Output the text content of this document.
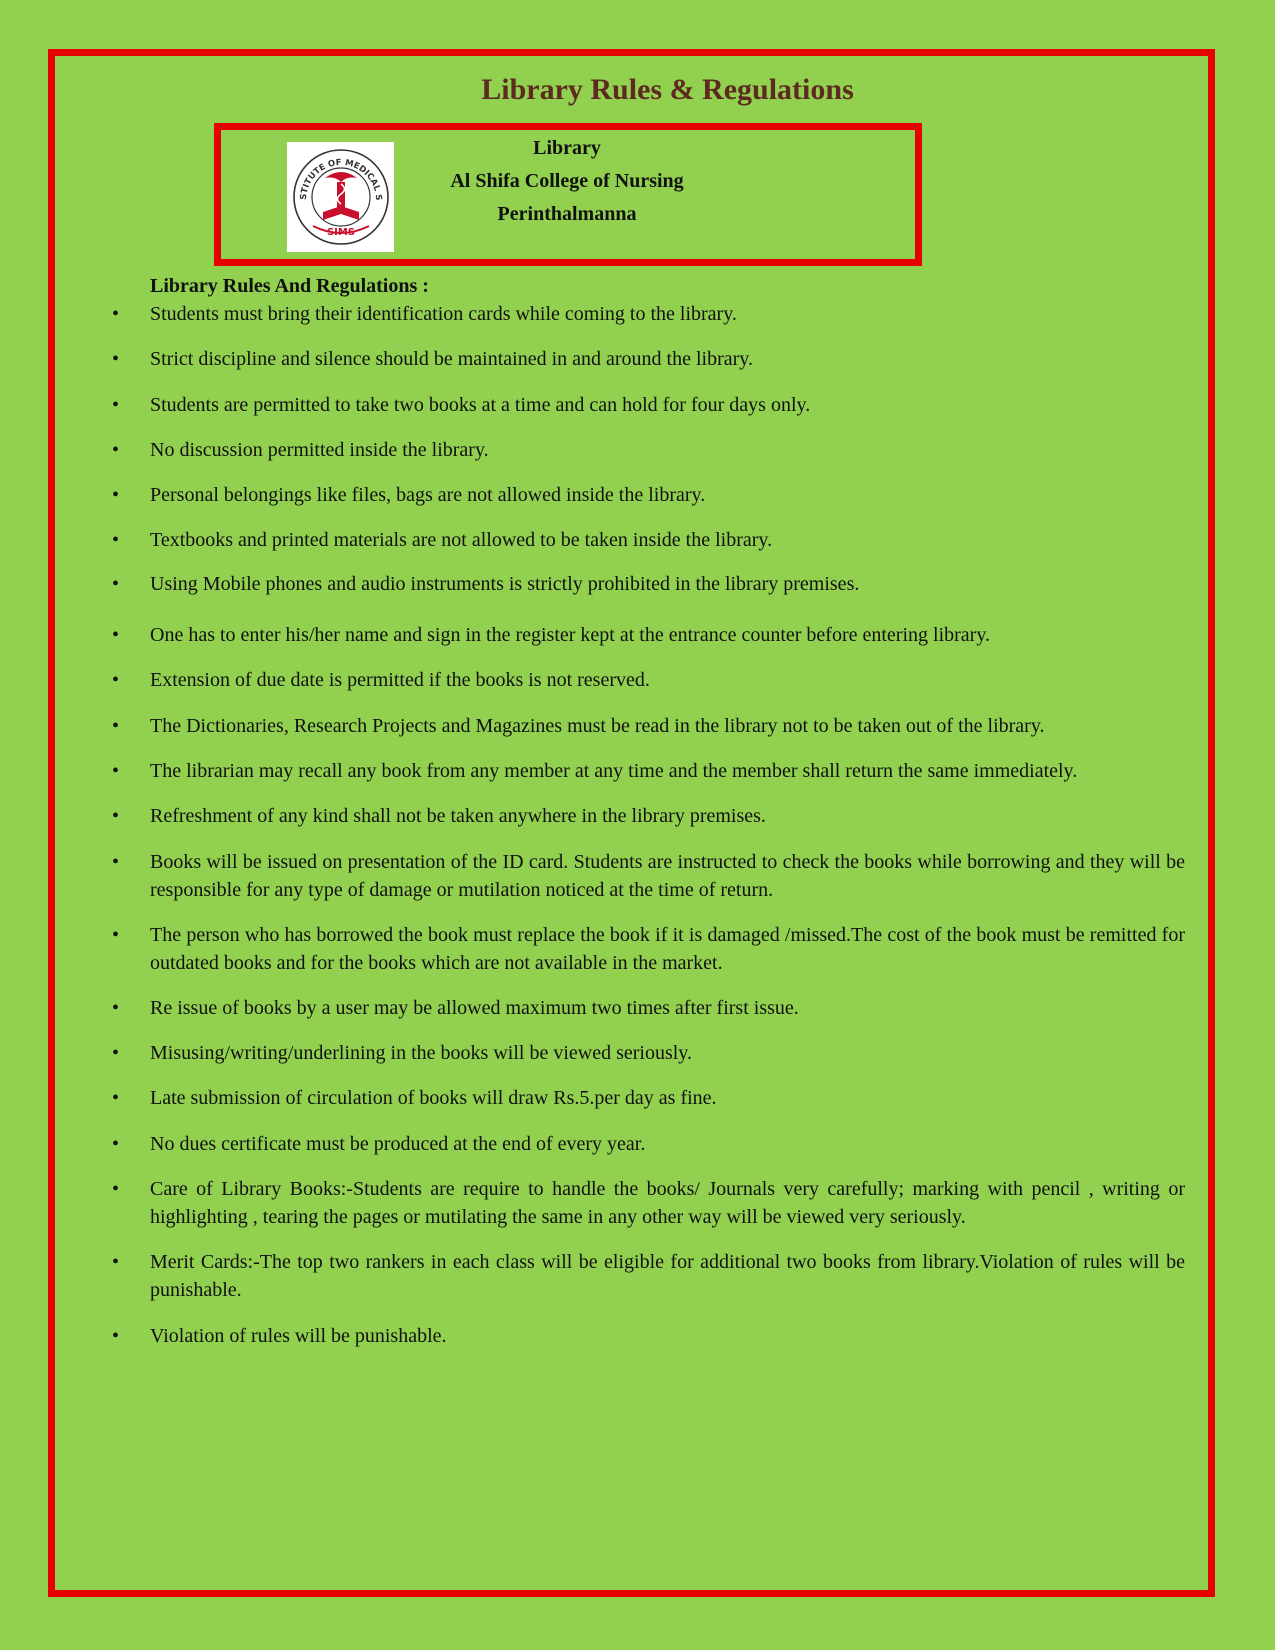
Library Rules & Regulations
STITUTE OF MEDICAL S
SIMS

Library

Al Shifa College of Nursing

Perinthalmanna

Library Rules And Regulations :

• Students must bring their identification cards while coming to the library.
• Strict discipline and silence should be maintained in and around the library.
• Students are permitted to take two books at a time and can hold for four days only.
• No discussion permitted inside the library.
• Personal belongings like files, bags are not allowed inside the library.
• Textbooks and printed materials are not allowed to be taken inside the library.
• Using Mobile phones and audio instruments is strictly prohibited in the library premises.
• One has to enter his/her name and sign in the register kept at the entrance counter before entering library.
• Extension of due date is permitted if the books is not reserved.
• The Dictionaries, Research Projects and Magazines must be read in the library not to be taken out of the library.
• The librarian may recall any book from any member at any time and the member shall return the same immediately.
• Refreshment of any kind shall not be taken anywhere in the library premises.
• Books will be issued on presentation of the ID card. Students are instructed to check the books while borrowing and they will be responsible for any type of damage or mutilation noticed at the time of return.
• The person who has borrowed the book must replace the book if it is damaged /missed.The cost of the book must be remitted for outdated books and for the books which are not available in the market.
• Re issue of books by a user may be allowed maximum two times after first issue.
• Misusing/writing/underlining in the books will be viewed seriously.
• Late submission of circulation of books will draw Rs.5.per day as fine.
• No dues certificate must be produced at the end of every year.
• Care of Library Books:-Students are require to handle the books/ Journals very carefully; marking with pencil , writing or highlighting , tearing the pages or mutilating the same in any other way will be viewed very seriously.
• Merit Cards:-The top two rankers in each class will be eligible for additional two books from library.Violation of rules will be punishable.
• Violation of rules will be punishable.
